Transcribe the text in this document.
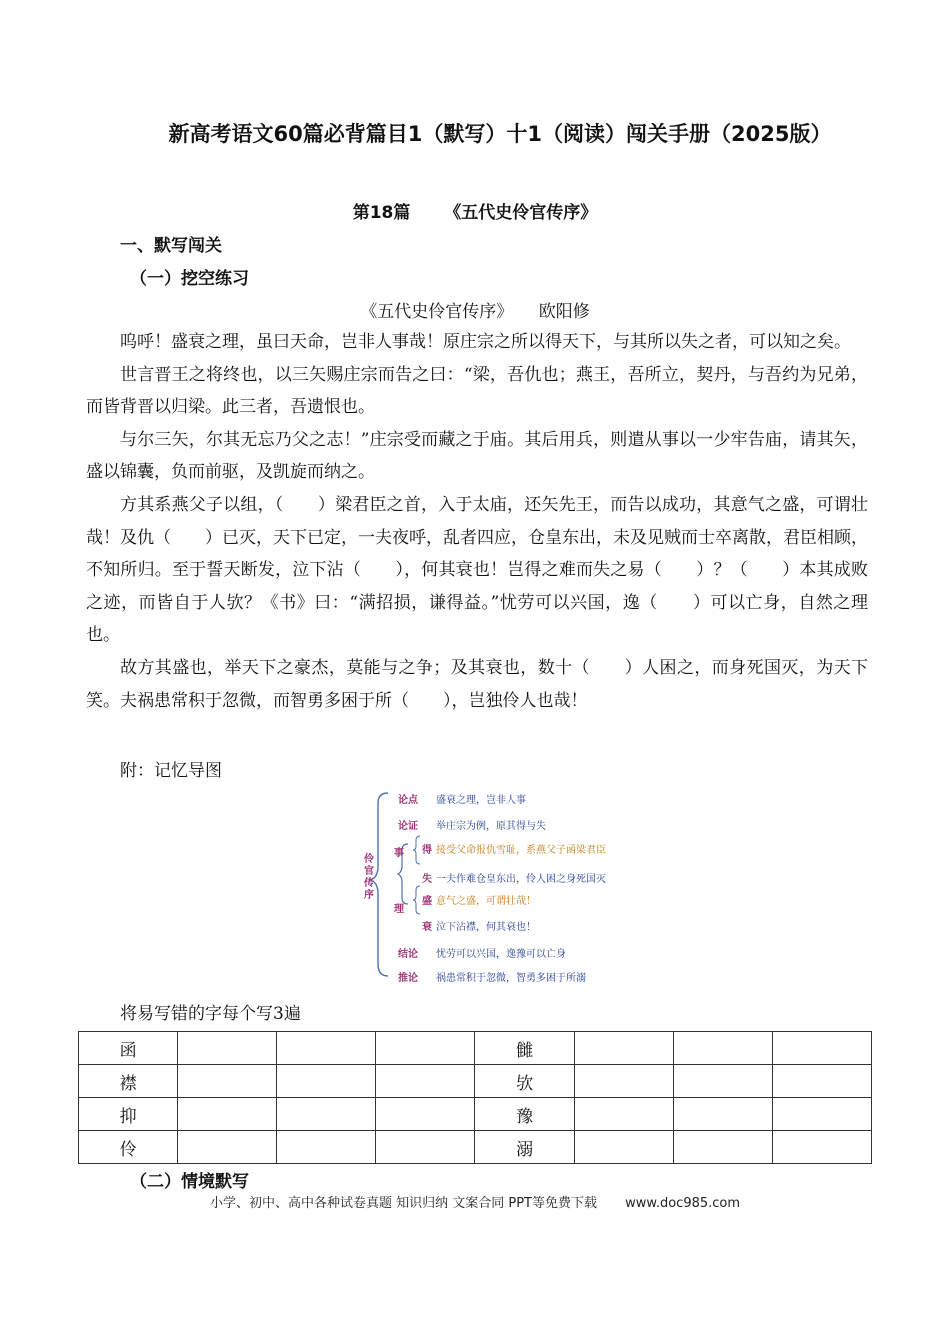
新高考语文60篇必背篇目1（默写）十1（阅读）闯关手册（2025版）
第18篇 《五代史伶官传序》
一、默写闯关
（一）挖空练习
《五代史伶官传序》 欧阳修

呜呼！盛衰之理，虽曰天命，岂非人事哉！原庄宗之所以得天下，与其所以失之者，可以知之矣。

世言晋王之将终也，以三矢赐庄宗而告之曰：“梁，吾仇也；燕王，吾所立，契丹，与吾约为兄弟，而皆背晋以归梁。此三者，吾遗恨也。

与尔三矢，尔其无忘乃父之志！”庄宗受而藏之于庙。其后用兵，则遣从事以一少牢告庙，请其矢，盛以锦囊，负而前驱，及凯旋而纳之。

方其系燕父子以组，（　　）梁君臣之首，入于太庙，还矢先王，而告以成功，其意气之盛，可谓壮哉！及仇（　　）已灭，天下已定，一夫夜呼，乱者四应，仓皇东出，未及见贼而士卒离散，君臣相顾，不知所归。至于誓天断发，泣下沾（　　），何其衰也！岂得之难而失之易（　　）？（　　）本其成败之迹，而皆自于人欤？《书》曰：“满招损，谦得益。”忧劳可以兴国，逸（　　）可以亡身，自然之理也。

故方其盛也，举天下之豪杰，莫能与之争；及其衰也，数十（　　）人困之，而身死国灭，为天下笑。夫祸患常积于忽微，而智勇多困于所（　　），岂独伶人也哉！

附：记忆导图
伶官传序
事
理
论点 盛衰之理，岂非人事
论证 举庄宗为例，原其得与失
得 接受父命报仇雪耻，系燕父子函梁君臣
失 一夫作难仓皇东出，伶人困之身死国灭
盛 意气之盛，可谓壮哉！
衰 泣下沾襟，何其衰也！
结论 忧劳可以兴国，逸豫可以亡身
推论 祸患常积于忽微，智勇多困于所溺
将易写错的字每个写3遍
函				雠			
襟				欤			
抑				豫			
伶				溺			
（二）情境默写
小学、初中、高中各种试卷真题 知识归纳 文案合同 PPT等免费下载 www.doc985.com
